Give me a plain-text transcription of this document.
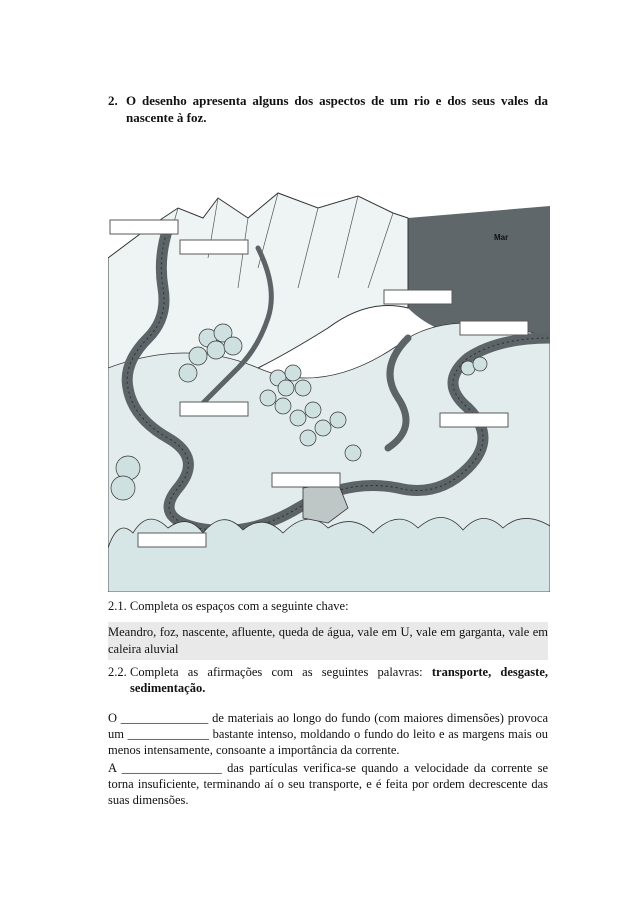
2. O desenho apresenta alguns dos aspectos de um rio e dos seus vales da nascente à foz.
Mar
2.1. Completa os espaços com a seguinte chave:
Meandro, foz, nascente, afluente, queda de água, vale em U, vale em garganta, vale em caleira aluvial
2.2. Completa as afirmações com as seguintes palavras: transporte, desgaste, sedimentação.
O ______________ de materiais ao longo do fundo (com maiores dimensões) provoca um _____________ bastante intenso, moldando o fundo do leito e as margens mais ou menos intensamente, consoante a importância da corrente.
A ________________ das partículas verifica-se quando a velocidade da corrente se torna insuficiente, terminando aí o seu transporte, e é feita por ordem decrescente das suas dimensões.
